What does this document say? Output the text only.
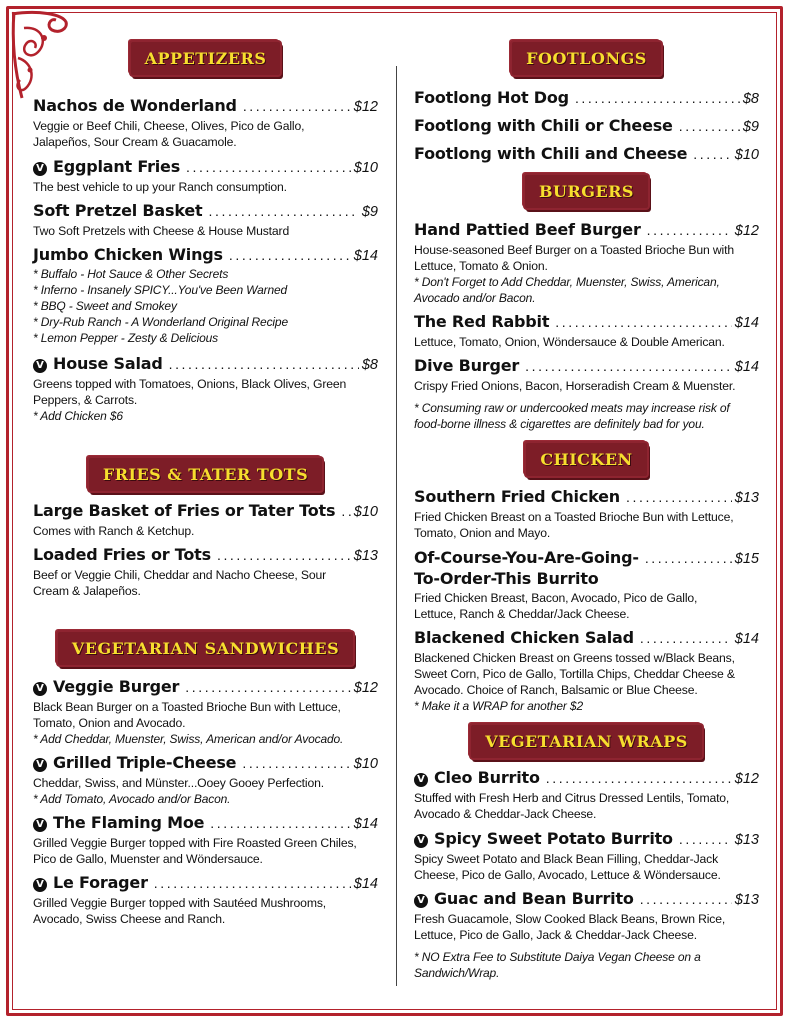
APPETIZERS
Nachos de Wonderland .....	$12
Veggie or Beef Chili, Cheese, Olives, Pico de Gallo,
Jalapeños, Sour Cream & Guacamole.
V Eggplant Fries .....	$10
The best vehicle to up your Ranch consumption.
Soft Pretzel Basket .....	$9
Two Soft Pretzels with Cheese & House Mustard
Jumbo Chicken Wings .....	$14
* Buffalo - Hot Sauce & Other Secrets
* Inferno - Insanely SPICY...You've Been Warned
* BBQ - Sweet and Smokey
* Dry-Rub Ranch - A Wonderland Original Recipe
* Lemon Pepper - Zesty & Delicious
V House Salad .....	$8
Greens topped with Tomatoes, Onions, Black Olives, Green
Peppers, & Carrots.
* Add Chicken $6
FRIES & TATER TOTS
Large Basket of Fries or Tater Tots ..... $10
Comes with Ranch & Ketchup.
Loaded Fries or Tots .....	$13
Beef or Veggie Chili, Cheddar and Nacho Cheese, Sour
Cream & Jalapeños.
VEGETARIAN SANDWICHES
V Veggie Burger .....	$12
Black Bean Burger on a Toasted Brioche Bun with Lettuce,
Tomato, Onion and Avocado.
* Add Cheddar, Muenster, Swiss, American and/or Avocado.
V Grilled Triple-Cheese .....	$10
Cheddar, Swiss, and Münster...Ooey Gooey Perfection.
* Add Tomato, Avocado and/or Bacon.
V The Flaming Moe .....	$14
Grilled Veggie Burger topped with Fire Roasted Green Chiles,
Pico de Gallo, Muenster and Wöndersauce.
V Le Forager .....	$14
Grilled Veggie Burger topped with Sautéed Mushrooms,
Avocado, Swiss Cheese and Ranch.
FOOTLONGS
Footlong Hot Dog .....	$8
Footlong with Chili or Cheese .....	$9
Footlong with Chili and Cheese .....	$10
BURGERS
Hand Pattied Beef Burger .....	$12
House-seasoned Beef Burger on a Toasted Brioche Bun with
Lettuce, Tomato & Onion.
* Don't Forget to Add Cheddar, Muenster, Swiss, American,
Avocado and/or Bacon.
The Red Rabbit .....	$14
Lettuce, Tomato, Onion, Wöndersauce & Double American.
Dive Burger .....	$14
Crispy Fried Onions, Bacon, Horseradish Cream & Muenster.
* Consuming raw or undercooked meats may increase risk of
food-borne illness & cigarettes are definitely bad for you.
CHICKEN
Southern Fried Chicken .....	$13
Fried Chicken Breast on a Toasted Brioche Bun with Lettuce,
Tomato, Onion and Mayo.
Of-Course-You-Are-Going- .....	$15
To-Order-This Burrito
Fried Chicken Breast, Bacon, Avocado, Pico de Gallo,
Lettuce, Ranch & Cheddar/Jack Cheese.
Blackened Chicken Salad .....	$14
Blackened Chicken Breast on Greens tossed w/Black Beans,
Sweet Corn, Pico de Gallo, Tortilla Chips, Cheddar Cheese &
Avocado. Choice of Ranch, Balsamic or Blue Cheese.
* Make it a WRAP for another $2
VEGETARIAN WRAPS
V Cleo Burrito .....	$12
Stuffed with Fresh Herb and Citrus Dressed Lentils, Tomato,
Avocado & Cheddar-Jack Cheese.
V Spicy Sweet Potato Burrito .....	$13
Spicy Sweet Potato and Black Bean Filling, Cheddar-Jack
Cheese, Pico de Gallo, Avocado, Lettuce & Wöndersauce.
V Guac and Bean Burrito .....	$13
Fresh Guacamole, Slow Cooked Black Beans, Brown Rice,
Lettuce, Pico de Gallo, Jack & Cheddar-Jack Cheese.
* NO Extra Fee to Substitute Daiya Vegan Cheese on a
Sandwich/Wrap.
